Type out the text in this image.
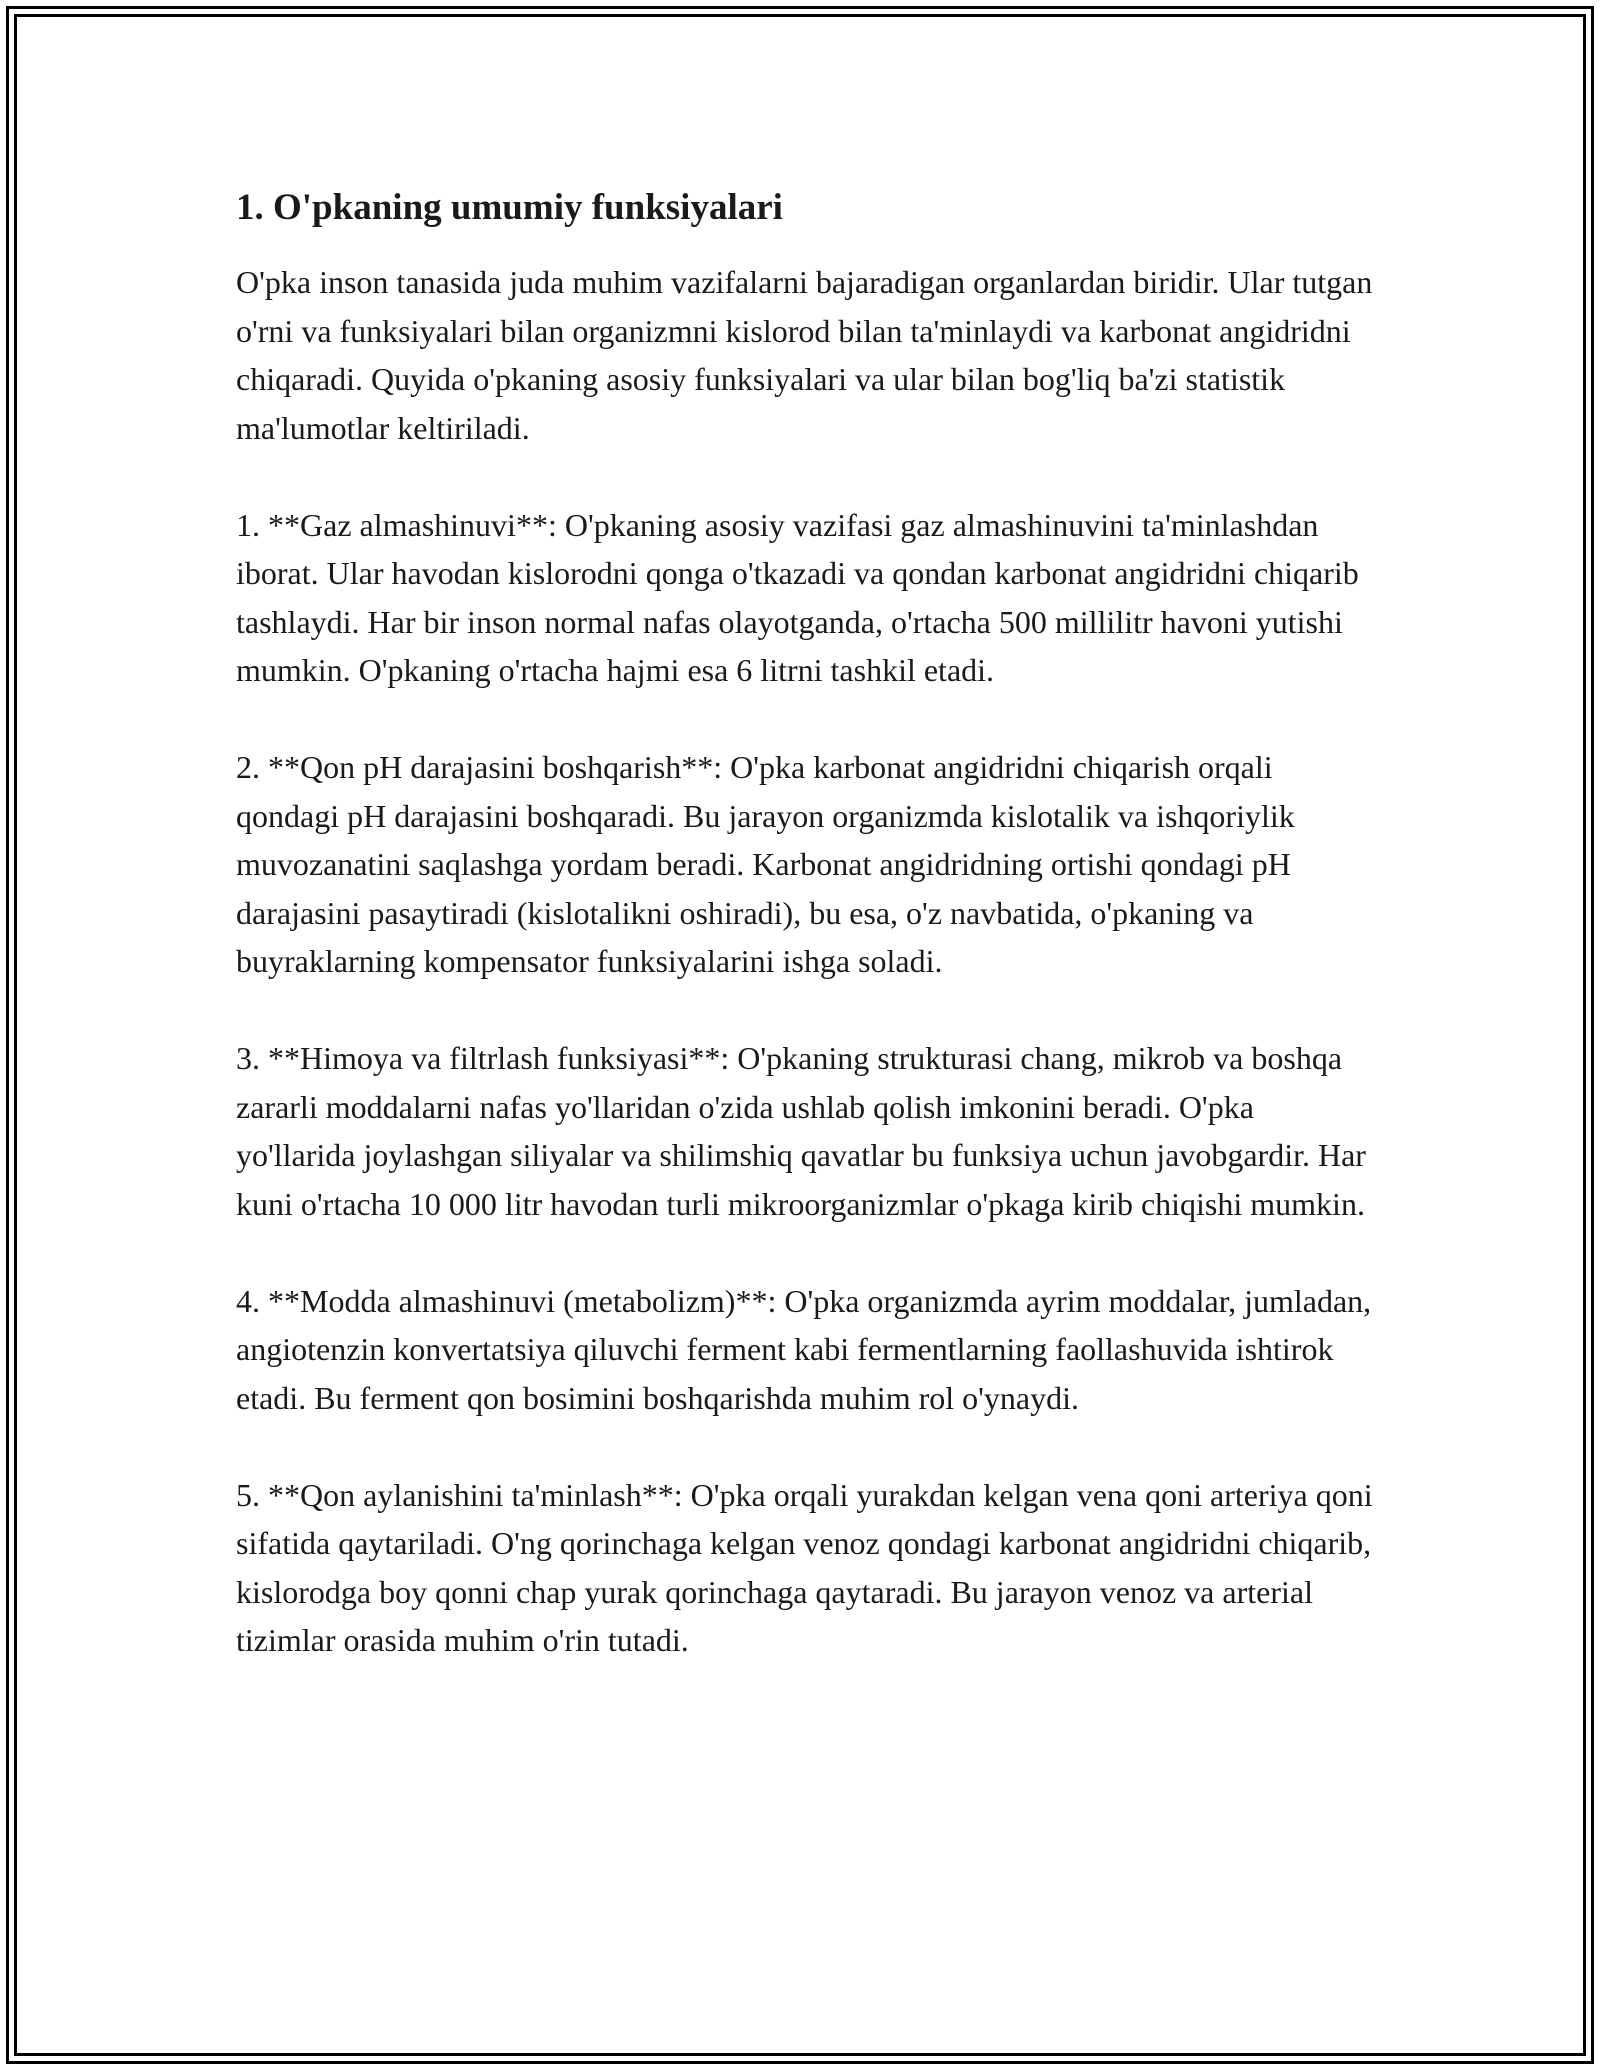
1. O'pkaning umumiy funksiyalari

O'pka inson tanasida juda muhim vazifalarni bajaradigan organlardan biridir. Ular tutgan o'rni va funksiyalari bilan organizmni kislorod bilan ta'minlaydi va karbonat angidridni chiqaradi. Quyida o'pkaning asosiy funksiyalari va ular bilan bog'liq ba'zi statistik ma'lumotlar keltiriladi.

1. **Gaz almashinuvi**: O'pkaning asosiy vazifasi gaz almashinuvini ta'minlashdan iborat. Ular havodan kislorodni qonga o'tkazadi va qondan karbonat angidridni chiqarib tashlaydi. Har bir inson normal nafas olayotganda, o'rtacha 500 millilitr havoni yutishi mumkin. O'pkaning o'rtacha hajmi esa 6 litrni tashkil etadi.

2. **Qon pH darajasini boshqarish**: O'pka karbonat angidridni chiqarish orqali qondagi pH darajasini boshqaradi. Bu jarayon organizmda kislotalik va ishqoriylik muvozanatini saqlashga yordam beradi. Karbonat angidridning ortishi qondagi pH darajasini pasaytiradi (kislotalikni oshiradi), bu esa, o'z navbatida, o'pkaning va buyraklarning kompensator funksiyalarini ishga soladi.

3. **Himoya va filtrlash funksiyasi**: O'pkaning strukturasi chang, mikrob va boshqa zararli moddalarni nafas yo'llaridan o'zida ushlab qolish imkonini beradi. O'pka yo'llarida joylashgan siliyalar va shilimshiq qavatlar bu funksiya uchun javobgardir. Har kuni o'rtacha 10 000 litr havodan turli mikroorganizmlar o'pkaga kirib chiqishi mumkin.

4. **Modda almashinuvi (metabolizm)**: O'pka organizmda ayrim moddalar, jumladan, angiotenzin konvertatsiya qiluvchi ferment kabi fermentlarning faollashuvida ishtirok etadi. Bu ferment qon bosimini boshqarishda muhim rol o'ynaydi.

5. **Qon aylanishini ta'minlash**: O'pka orqali yurakdan kelgan vena qoni arteriya qoni sifatida qaytariladi. O'ng qorinchaga kelgan venoz qondagi karbonat angidridni chiqarib, kislorodga boy qonni chap yurak qorinchaga qaytaradi. Bu jarayon venoz va arterial tizimlar orasida muhim o'rin tutadi.
